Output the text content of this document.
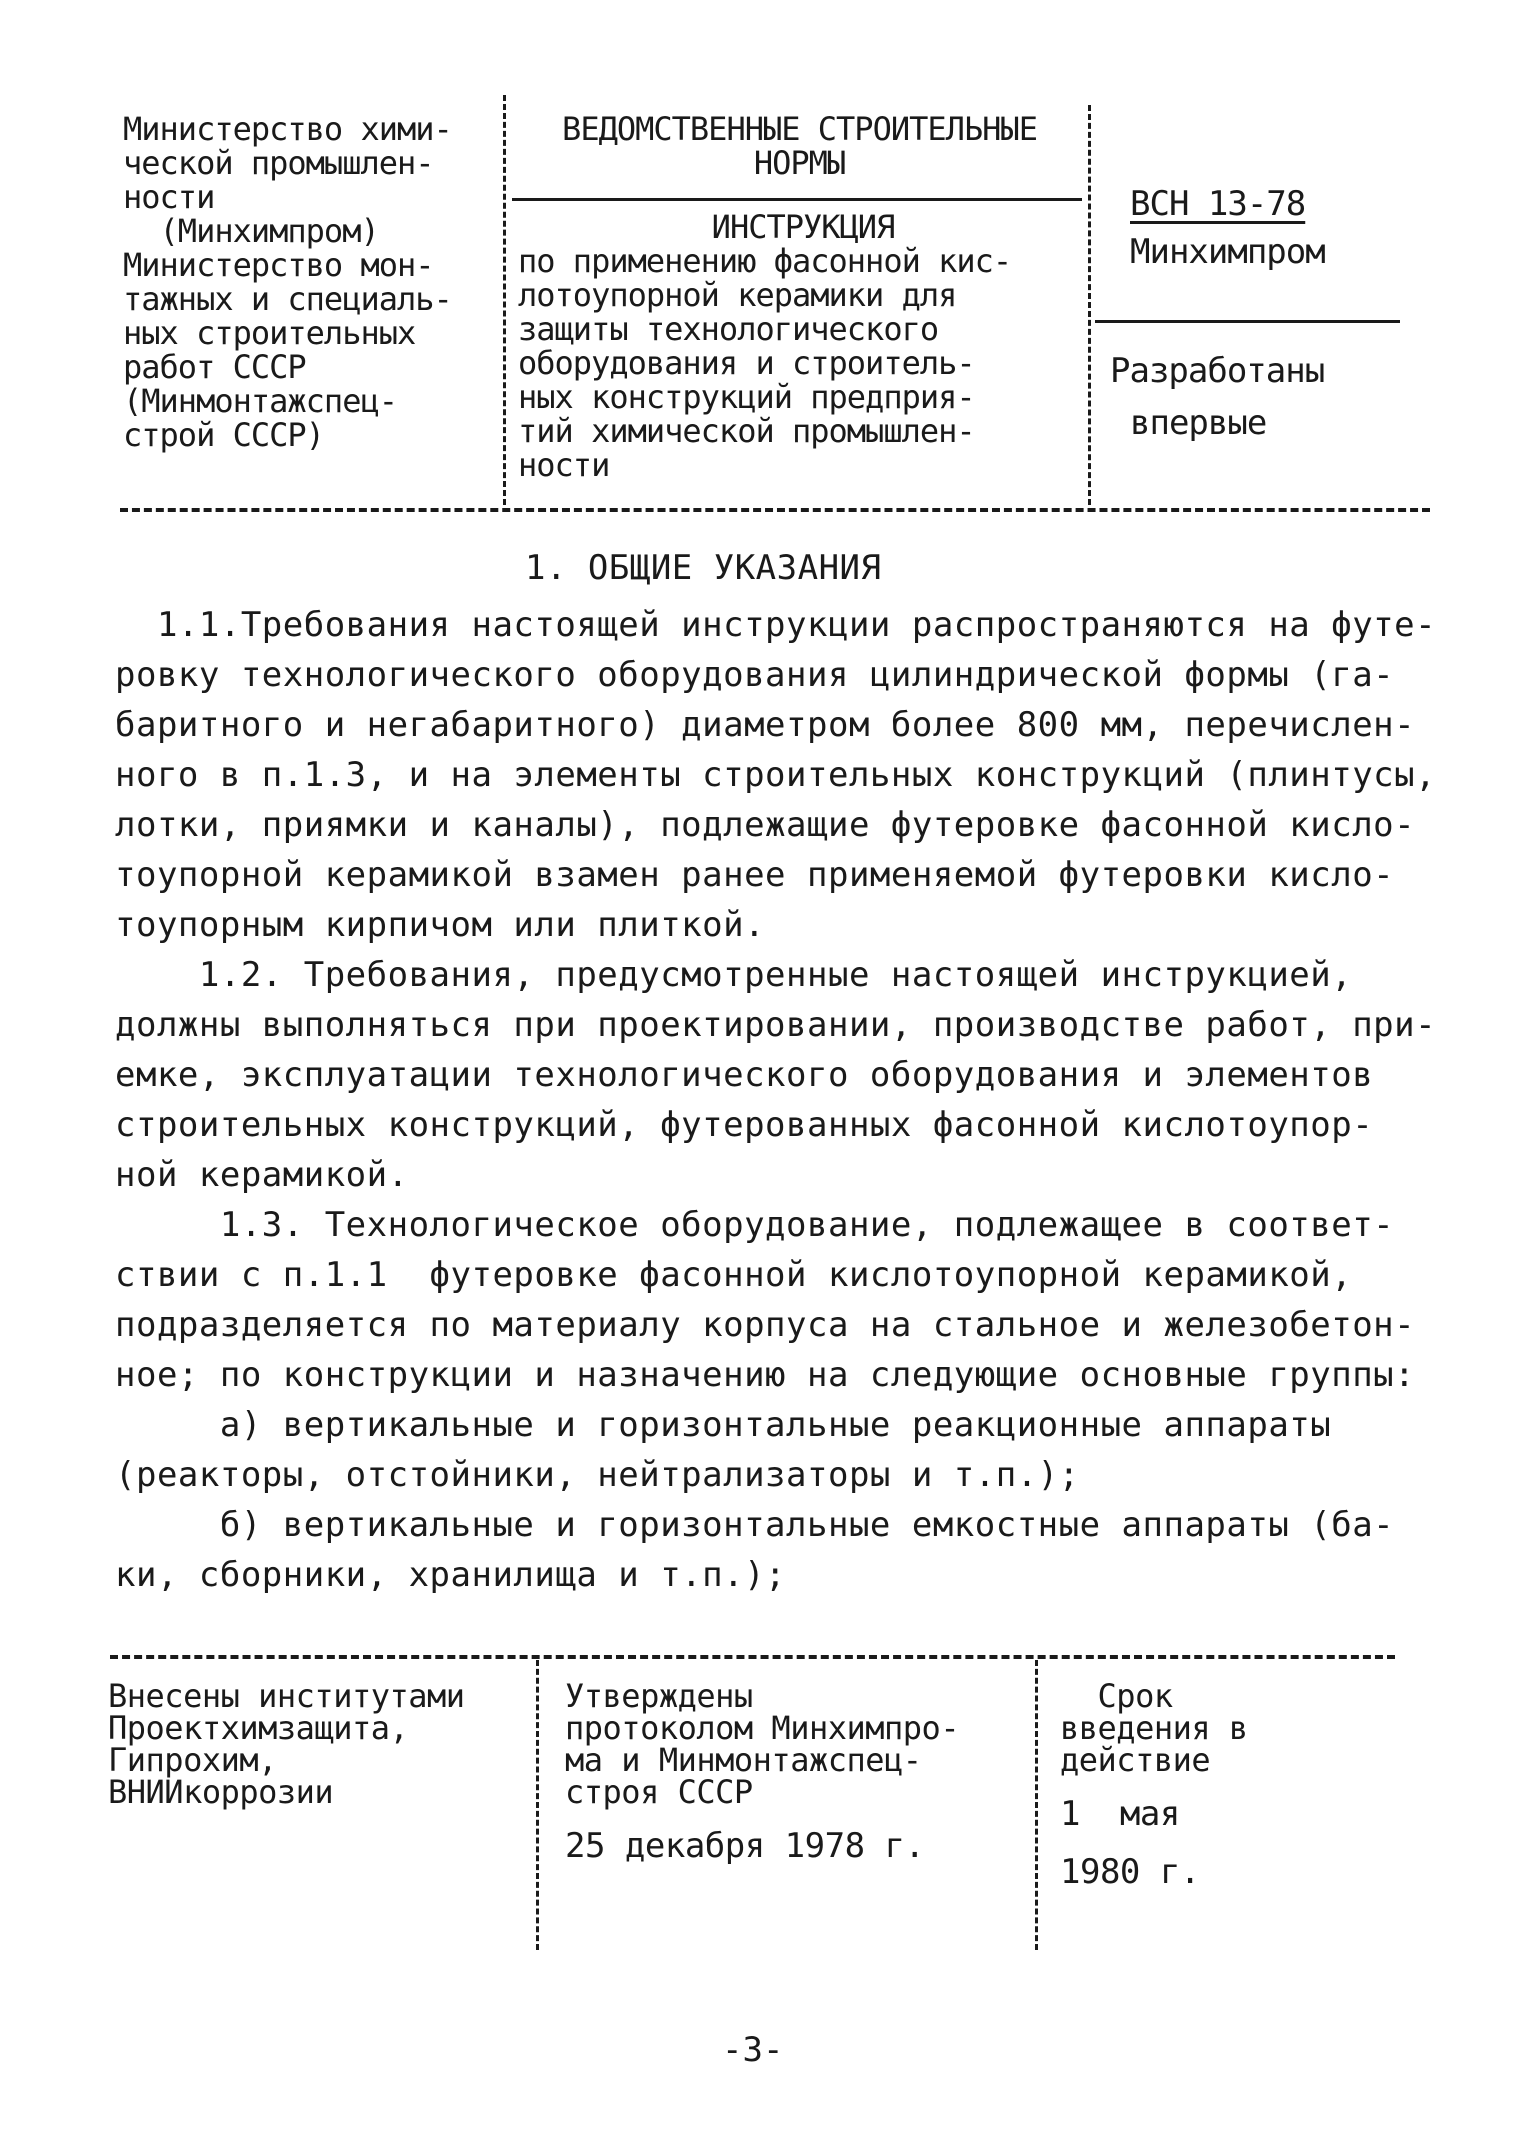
Министерство хими-
ческой промышлен-
ности
(Минхимпром)
Министерство мон-
тажных и специаль-
ных строительных
работ СССР
(Минмонтажспец-
строй СССР)
ВЕДОМСТВЕННЫЕ СТРОИТЕЛЬНЫЕ
НОРМЫ
ИНСТРУКЦИЯ
по применению фасонной кис-
лотоупорной керамики для
защиты технологического
оборудования и строитель-
ных конструкций предприя-
тий химической промышлен-
ности
ВСН 13-78
Минхимпром
Разработаны
впервые
1. ОБЩИЕ УКАЗАНИЯ
1.1.Требования настоящей инструкции распространяются на футе-
ровку технологического оборудования цилиндрической формы (га-
баритного и негабаритного) диаметром более 800 мм, перечислен-
ного в п.1.3, и на элементы строительных конструкций (плинтусы,
лотки, приямки и каналы), подлежащие футеровке фасонной кисло-
тоупорной керамикой взамен ранее применяемой футеровки кисло-
тоупорным кирпичом или плиткой.
1.2. Требования, предусмотренные настоящей инструкцией,
должны выполняться при проектировании, производстве работ, при-
емке, эксплуатации технологического оборудования и элементов
строительных конструкций, футерованных фасонной кислотоупор-
ной керамикой.
1.3. Технологическое оборудование, подлежащее в соответ-
ствии с п.1.1  футеровке фасонной кислотоупорной керамикой,
подразделяется по материалу корпуса на стальное и железобетон-
ное; по конструкции и назначению на следующие основные группы:
а) вертикальные и горизонтальные реакционные аппараты
(реакторы, отстойники, нейтрализаторы и т.п.);
б) вертикальные и горизонтальные емкостные аппараты (ба-
ки, сборники, хранилища и т.п.);
Внесены институтами
Проектхимзащита,
Гипрохим,
ВНИИкоррозии
Утверждены
протоколом Минхимпро-
ма и Минмонтажспец-
строя СССР
25 декабря 1978 г.
Срок
введения в
действие
1  мая
1980 г.
-3-
